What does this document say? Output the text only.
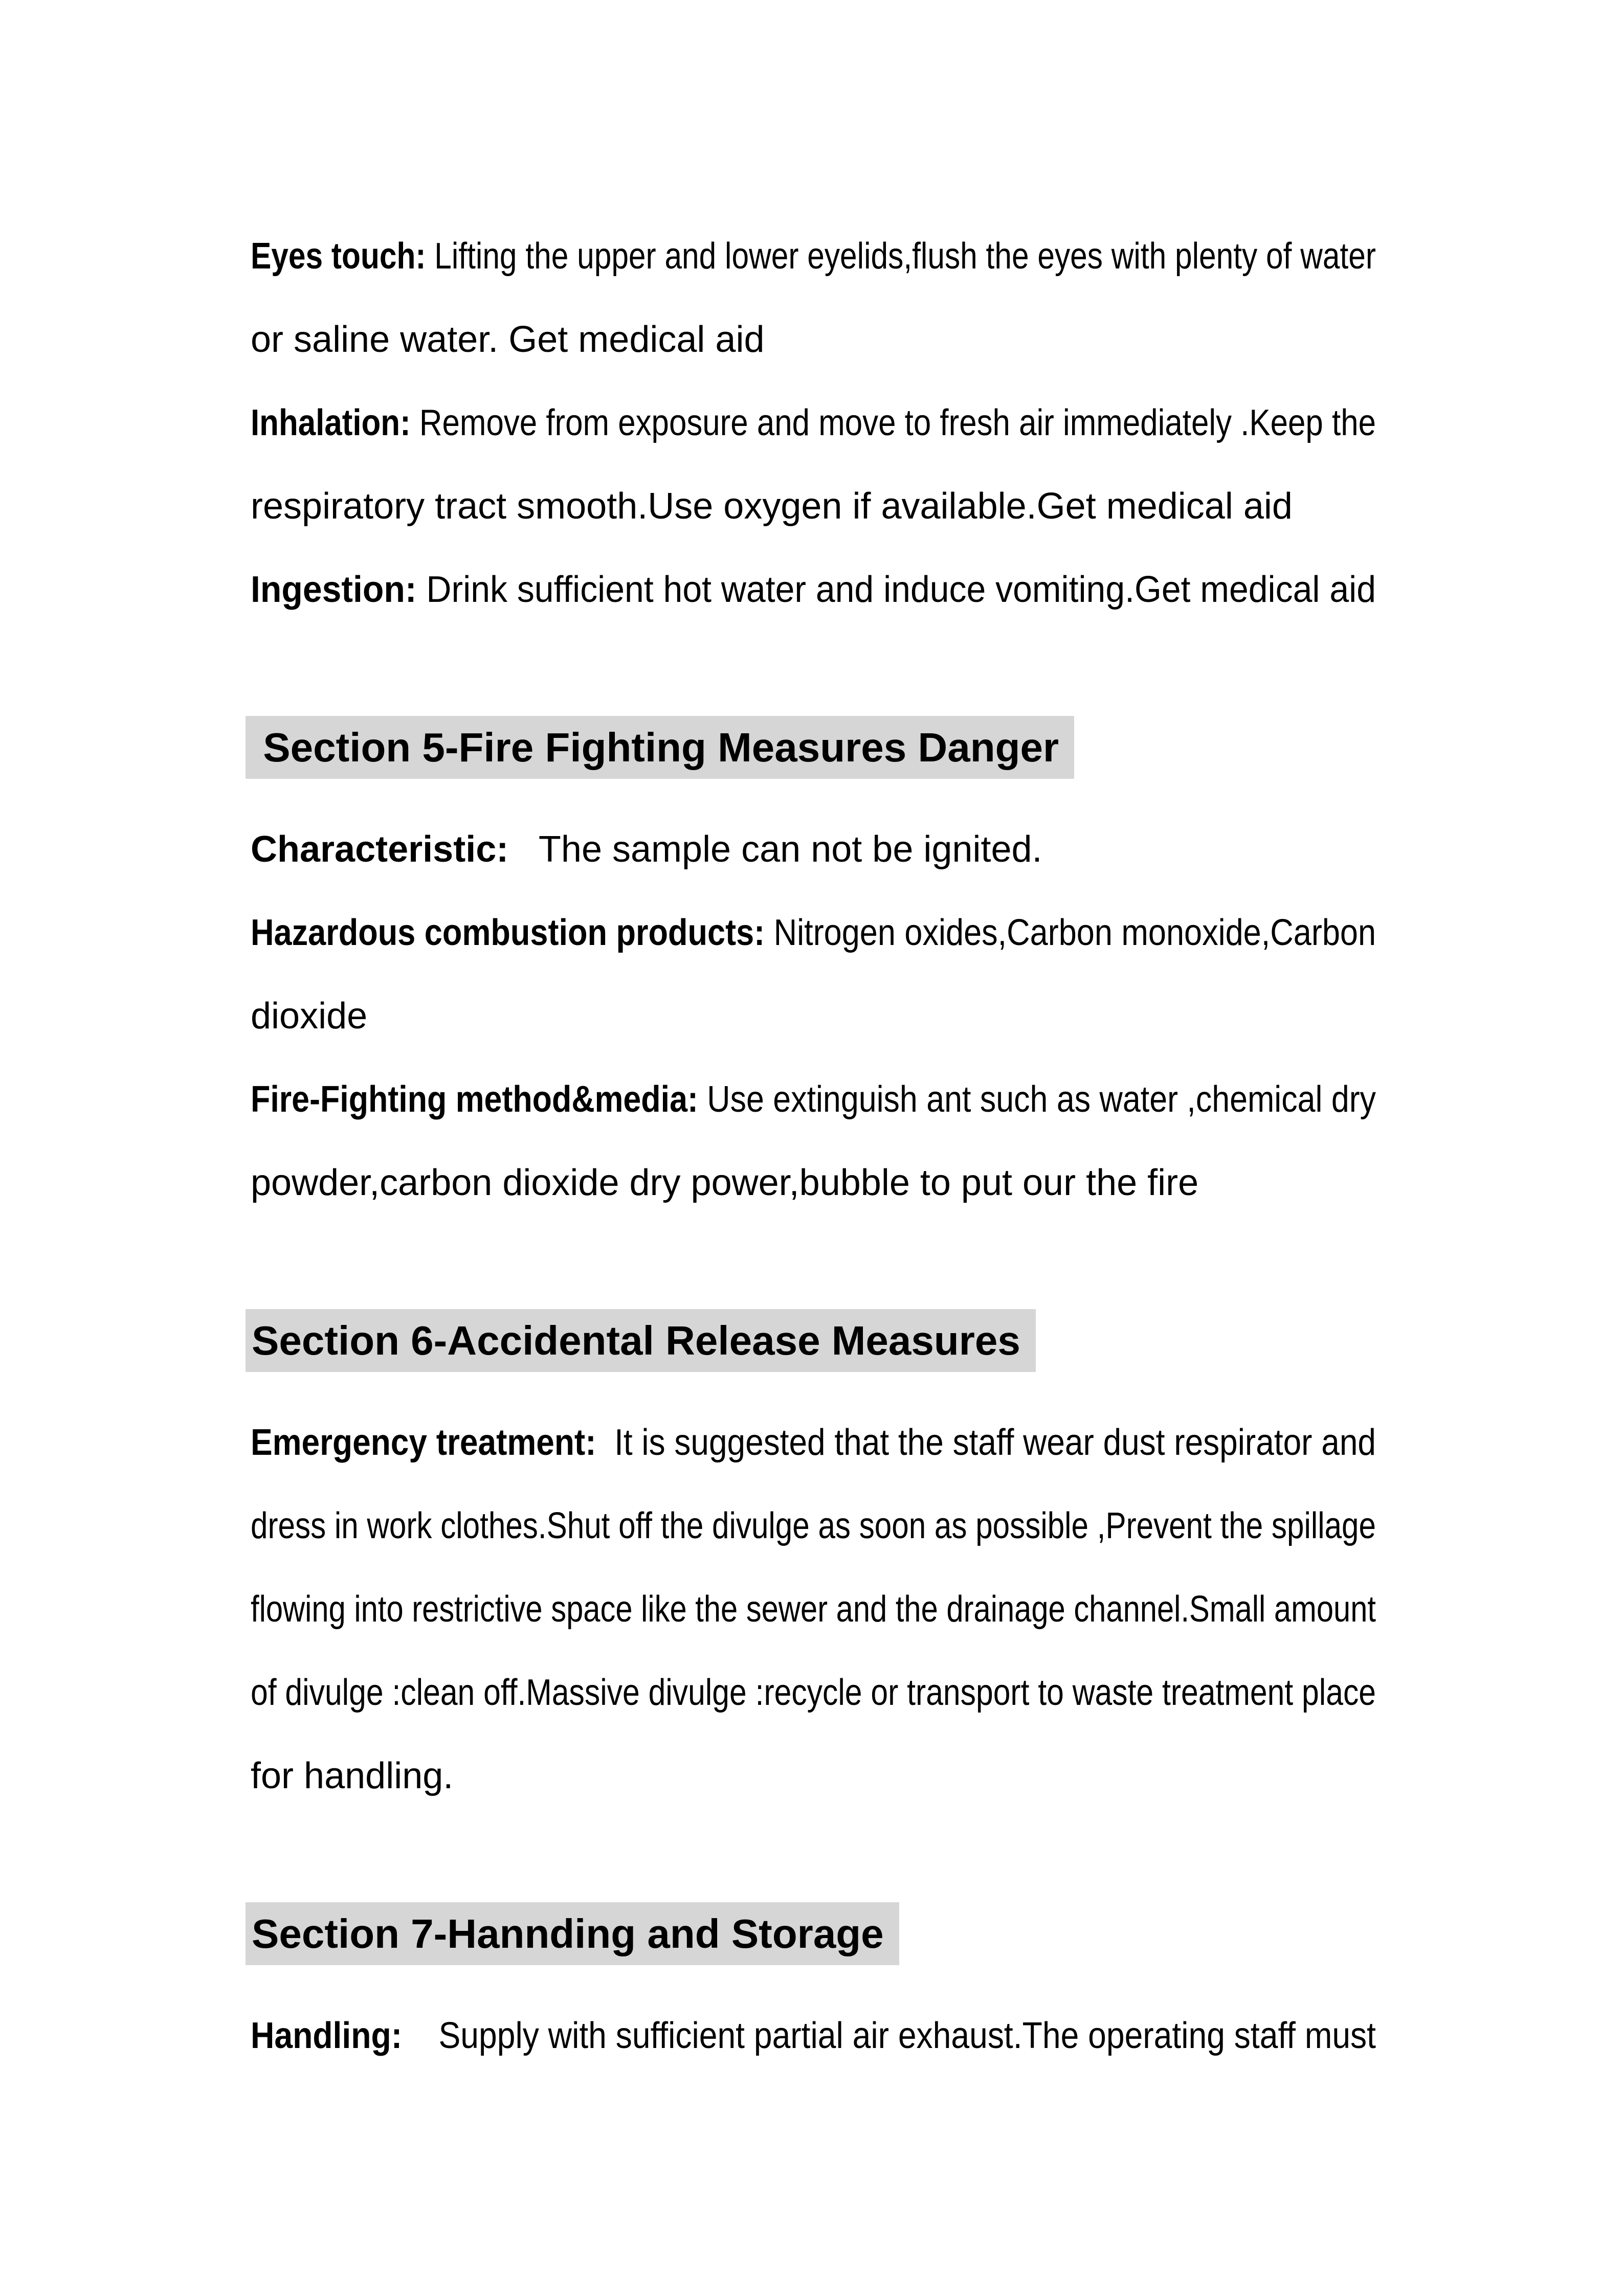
Eyes touch: Lifting the upper and lower eyelids,flush the eyes with plenty of water
or saline water. Get medical aid
Inhalation: Remove from exposure and move to fresh air immediately .Keep the
respiratory tract smooth.Use oxygen if available.Get medical aid
Ingestion: Drink sufficient hot water and induce vomiting.Get medical aid
Section 5-Fire Fighting Measures Danger
Characteristic:   The sample can not be ignited.
Hazardous combustion products: Nitrogen oxides,Carbon monoxide,Carbon
dioxide
Fire-Fighting method&media: Use extinguish ant such as water ,chemical dry
powder,carbon dioxide dry power,bubble to put our the fire
Section 6-Accidental Release Measures
Emergency treatment:  It is suggested that the staff wear dust respirator and
dress in work clothes.Shut off the divulge as soon as possible ,Prevent the spillage
flowing into restrictive space like the sewer and the drainage channel.Small amount
of divulge :clean off.Massive divulge :recycle or transport to waste treatment place
for handling.
Section 7-Hannding and Storage
Handling:    Supply with sufficient partial air exhaust.The operating staff must
